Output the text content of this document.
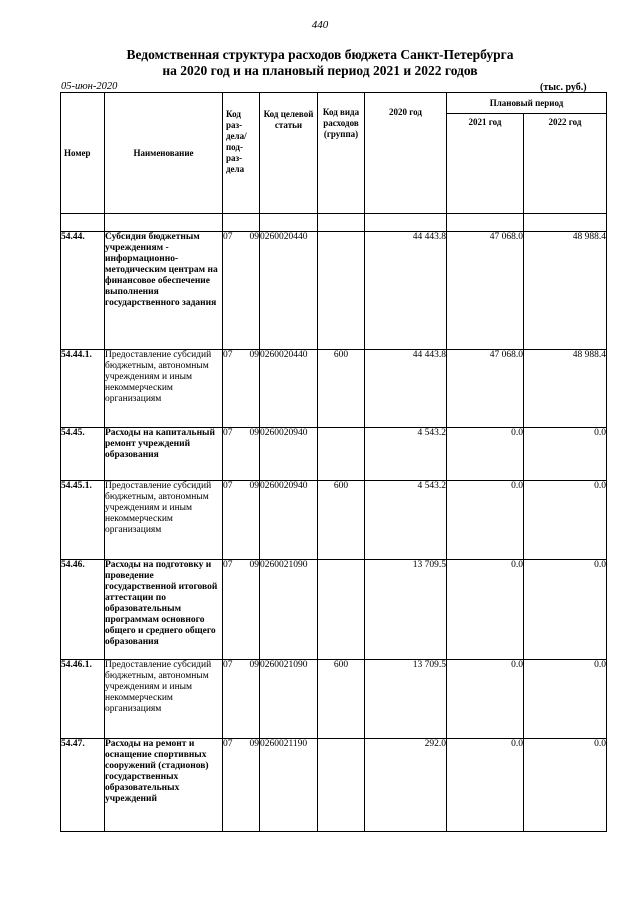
440
Ведомственная структура расходов бюджета Санкт-Петербурга
на 2020 год и на плановый период 2021 и 2022 годов
05-июн-2020	(тыс. руб.)
Номер	Наименование	Код раз-дела/ под-раз-дела	Код целевой статьи	Код вида расходов (группа)	2020 год	Плановый период	
						2021 год	2022 год

54.44.	Субсидия бюджетным учреждениям - информационно-методическим центрам на финансовое обеспечение выполнения государственного задания	07 09	0260020440		44 443.8	47 068.0	48 988.4
54.44.1.	Предоставление субсидий бюджетным, автономным учреждениям и иным некоммерческим организациям	07 09	0260020440	600	44 443.8	47 068.0	48 988.4
54.45.	Расходы на капитальный ремонт учреждений образования	07 09	0260020940		4 543.2	0.0	0.0
54.45.1.	Предоставление субсидий бюджетным, автономным учреждениям и иным некоммерческим организациям	07 09	0260020940	600	4 543.2	0.0	0.0
54.46.	Расходы на подготовку и проведение государственной итоговой аттестации по образовательным программам основного общего и среднего общего образования	07 09	0260021090		13 709.5	0.0	0.0
54.46.1.	Предоставление субсидий бюджетным, автономным учреждениям и иным некоммерческим организациям	07 09	0260021090	600	13 709.5	0.0	0.0
54.47.	Расходы на ремонт и оснащение спортивных сооружений (стадионов) государственных образовательных учреждений	07 09	0260021190		292.0	0.0	0.0
